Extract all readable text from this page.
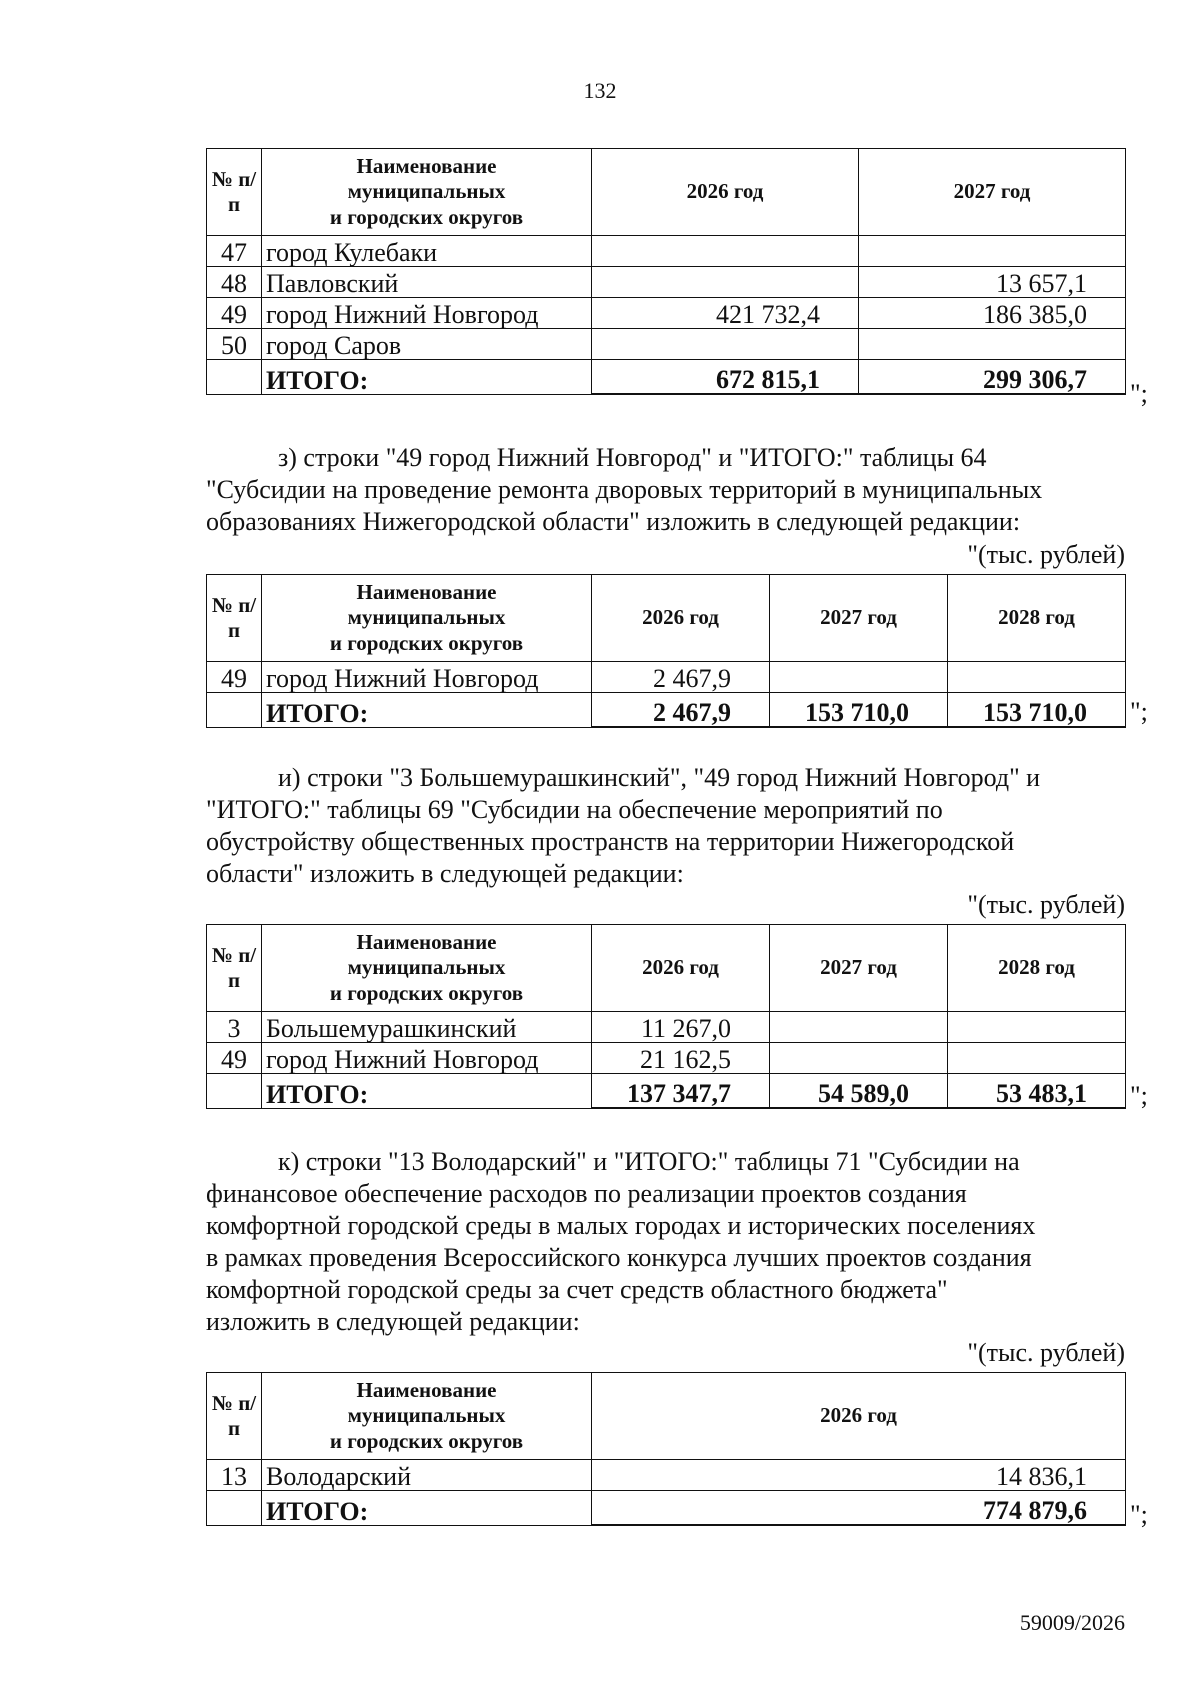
132
№ п/п	Наименование
муниципальных
и городских округов	2026 год	2027 год
47	город Кулебаки		
48	Павловский		13 657,1
49	город Нижний Новгород	421 732,4	186 385,0
50	город Саров		
	ИТОГО:	672 815,1	299 306,7 ";

з) строки "49 город Нижний Новгород" и "ИТОГО:" таблицы 64

"Субсидии на проведение ремонта дворовых территорий в муниципальных

образованиях Нижегородской области" изложить в следующей редакции:

"(тыс. рублей)
№ п/п	Наименование
муниципальных
и городских округов	2026 год	2027 год	2028 год
49	город Нижний Новгород	2 467,9		
	ИТОГО:	2 467,9	153 710,0	153 710,0 ";

и) строки "3 Большемурашкинский", "49 город Нижний Новгород" и

"ИТОГО:" таблицы 69 "Субсидии на обеспечение мероприятий по

обустройству общественных пространств на территории Нижегородской

области" изложить в следующей редакции:

"(тыс. рублей)
№ п/п	Наименование
муниципальных
и городских округов	2026 год	2027 год	2028 год
3	Большемурашкинский	11 267,0		
49	город Нижний Новгород	21 162,5		
	ИТОГО:	137 347,7	54 589,0	53 483,1 ";

к) строки "13 Володарский" и "ИТОГО:" таблицы 71 "Субсидии на

финансовое обеспечение расходов по реализации проектов создания

комфортной городской среды в малых городах и исторических поселениях

в рамках проведения Всероссийского конкурса лучших проектов создания

комфортной городской среды за счет средств областного бюджета"

изложить в следующей редакции:

"(тыс. рублей)
№ п/п	Наименование
муниципальных
и городских округов	2026 год
13	Володарский	14 836,1
	ИТОГО:	774 879,6 ";
59009/2026
